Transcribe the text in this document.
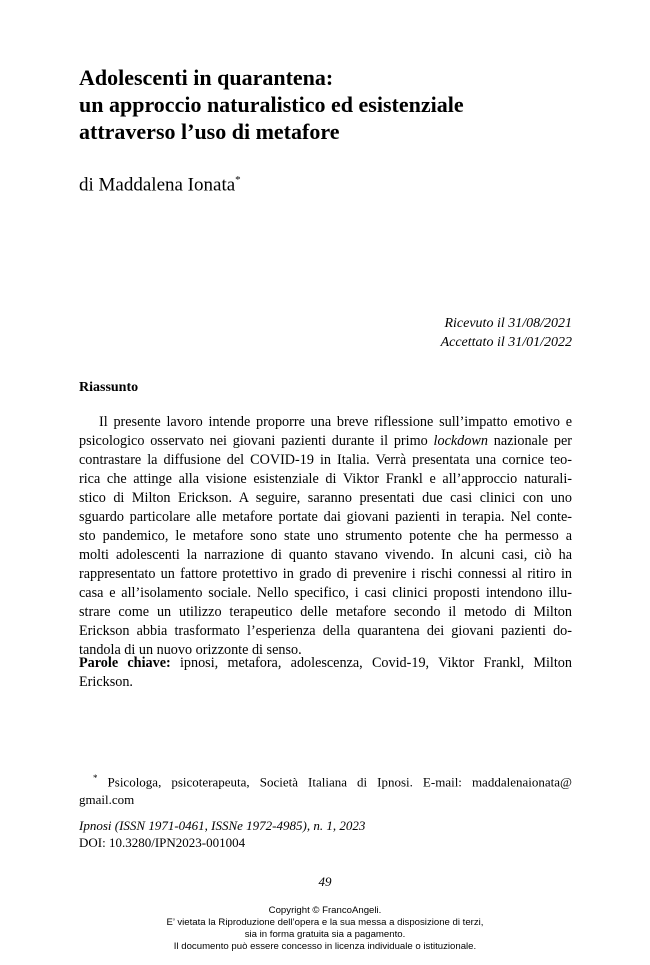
Adolescenti in quarantena:
un approccio naturalistico ed esistenziale
attraverso l’uso di metafore
di Maddalena Ionata*
Ricevuto il 31/08/2021
Accettato il 31/01/2022
Riassunto
Il presente lavoro intende proporre una breve riflessione sull’impatto emotivo e
psicologico osservato nei giovani pazienti durante il primo lockdown nazionale per
contrastare la diffusione del COVID-19 in Italia. Verrà presentata una cornice teo-
rica che attinge alla visione esistenziale di Viktor Frankl e all’approccio naturali-
stico di Milton Erickson. A seguire, saranno presentati due casi clinici con uno
sguardo particolare alle metafore portate dai giovani pazienti in terapia. Nel conte-
sto pandemico, le metafore sono state uno strumento potente che ha permesso a
molti adolescenti la narrazione di quanto stavano vivendo. In alcuni casi, ciò ha
rappresentato un fattore protettivo in grado di prevenire i rischi connessi al ritiro in
casa e all’isolamento sociale. Nello specifico, i casi clinici proposti intendono illu-
strare come un utilizzo terapeutico delle metafore secondo il metodo di Milton
Erickson abbia trasformato l’esperienza della quarantena dei giovani pazienti do-
tandola di un nuovo orizzonte di senso.
Parole chiave: ipnosi, metafora, adolescenza, Covid-19, Viktor Frankl, Milton
Erickson.
* Psicologa, psicoterapeuta, Società Italiana di Ipnosi. E-mail: maddalenaionata@
gmail.com
Ipnosi (ISSN 1971-0461, ISSNe 1972-4985), n. 1, 2023
DOI: 10.3280/IPN2023-001004
49
Copyright © FrancoAngeli.
E’ vietata la Riproduzione dell’opera e la sua messa a disposizione di terzi,
sia in forma gratuita sia a pagamento.
Il documento può essere concesso in licenza individuale o istituzionale.
